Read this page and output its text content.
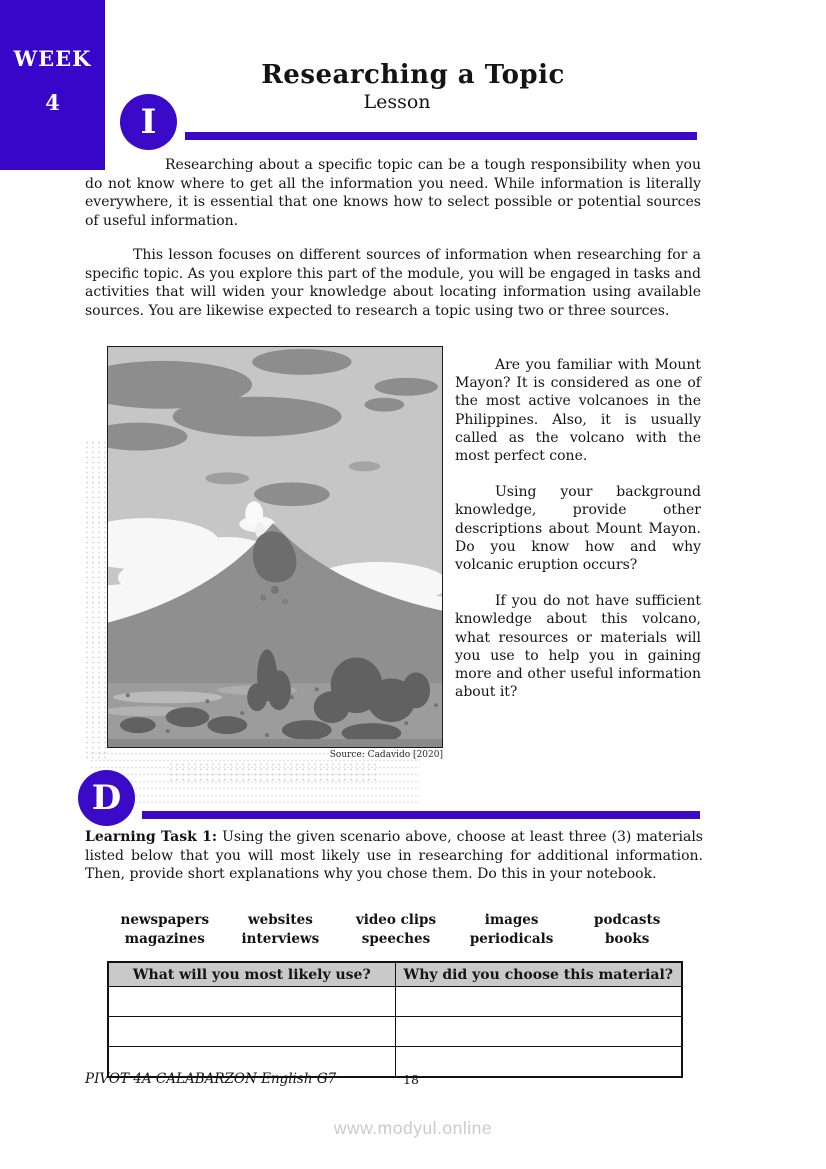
WEEK
4
Researching a Topic
Lesson
I
Researching about a specific topic can be a tough responsibility when you do not know where to get all the information you need. While information is literally everywhere, it is essential that one knows how to select possible or potential sources of useful information.
This lesson focuses on different sources of information when researching for a specific topic. As you explore this part of the module, you will be engaged in tasks and activities that will widen your knowledge about locating information using available sources. You are likewise expected to research a topic using two or three sources.
Source: Cadavido [2020]

Are you familiar with Mount Mayon? It is considered as one of the most active volcanoes in the Philippines. Also, it is usually called as the volcano with the most perfect cone.

Using your background knowledge, provide other descriptions about Mount Mayon. Do you know how and why volcanic eruption occurs?

If you do not have sufficient knowledge about this volcano, what resources or materials will you use to help you in gaining more and other useful information about it?

D
Learning Task 1: Using the given scenario above, choose at least three (3) materials listed below that you will most likely use in researching for additional information. Then, provide short explanations why you chose them. Do this in your notebook.
newspapers	websites	video clips	images	podcasts
magazines	interviews	speeches	periodicals	books
What will you most likely use?	Why did you choose this material?

PIVOT 4A CALABARZON English G7	18
www.modyul.online
